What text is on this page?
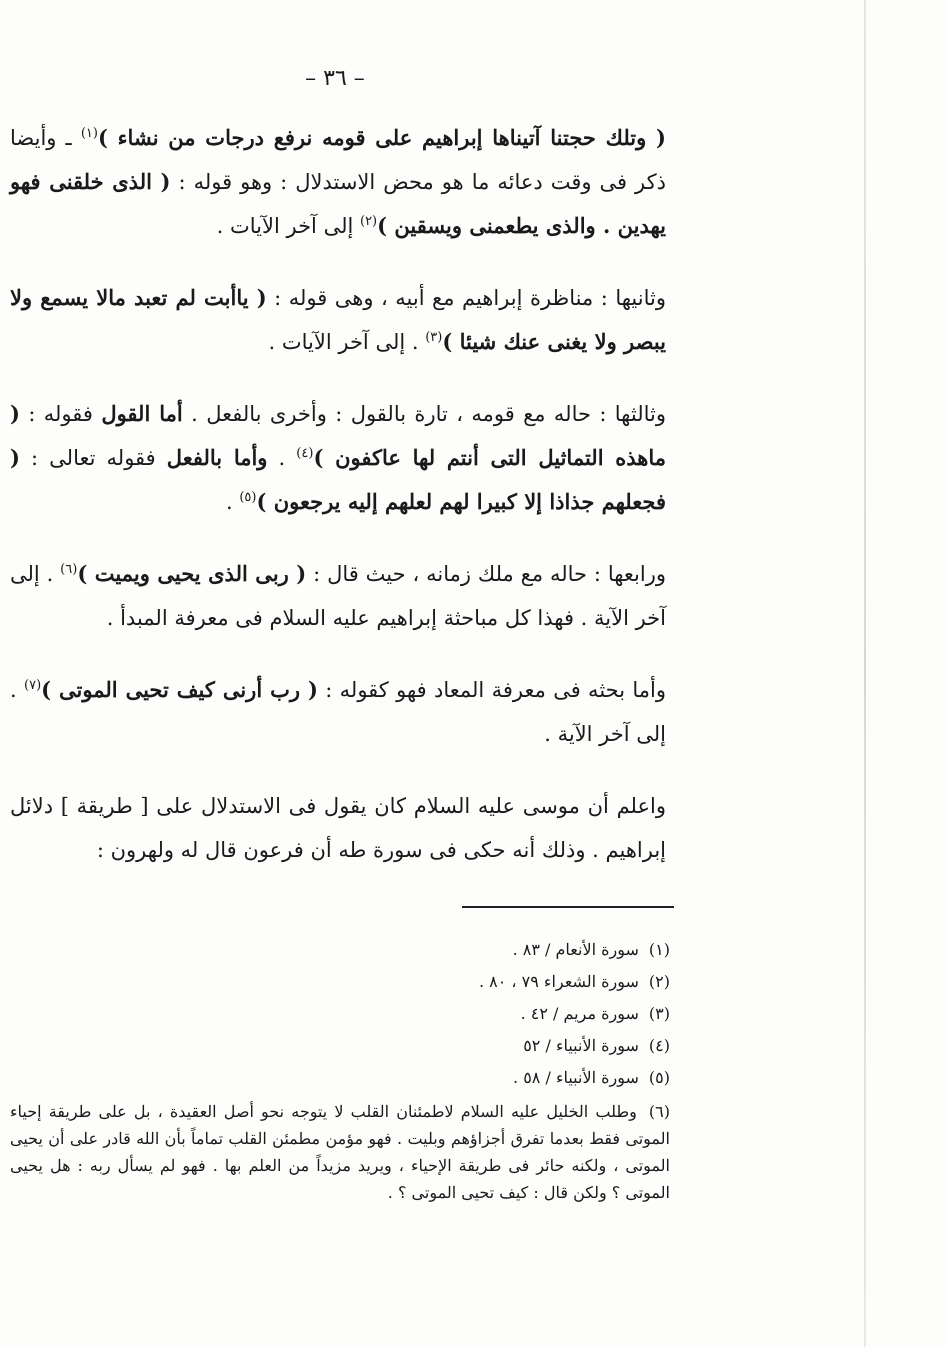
– ٣٦ –

( وتلك حجتنا آتيناها إبراهيم على قومه نرفع درجات من نشاء )$^{(١)}$ ـ وأيضا ذكر فى وقت دعائه ما هو محض الاستدلال : وهو قوله : ( الذى خلقنى فهو يهدين . والذى يطعمنى ويسقين )$^{(٢)}$ إلى آخر الآيات .

وثانيها : مناظرة إبراهيم مع أبيه ، وهى قوله : ( ياأبت لم تعبد مالا يسمع ولا يبصر ولا يغنى عنك شيئا )$^{(٣)}$ . إلى آخر الآيات .

وثالثها : حاله مع قومه ، تارة بالقول : وأخرى بالفعل . أما القول فقوله : ( ماهذه التماثيل التى أنتم لها عاكفون )$^{(٤)}$ . وأما بالفعل فقوله تعالى : ( فجعلهم جذاذا إلا كبيرا لهم لعلهم إليه يرجعون )$^{(٥)}$ .

ورابعها : حاله مع ملك زمانه ، حيث قال : ( ربى الذى يحيى ويميت )$^{(٦)}$ . إلى آخر الآية . فهذا كل مباحثة إبراهيم عليه السلام فى معرفة المبدأ .

وأما بحثه فى معرفة المعاد فهو كقوله : ( رب أرنى كيف تحيى الموتى )$^{(٧)}$ . إلى آخر الآية .

واعلم أن موسى عليه السلام كان يقول فى الاستدلال على [ طريقة ] دلائل إبراهيم . وذلك أنه حكى فى سورة طه أن فرعون قال له ولهرون :

(١) سورة الأنعام / ٨٣ .

(٢) سورة الشعراء ٧٩ ، ٨٠ .

(٣) سورة مريم / ٤٢ .

(٤) سورة الأنبياء / ٥٢

(٥) سورة الأنبياء / ٥٨ .

(٦) وطلب الخليل عليه السلام لاطمئنان القلب لا يتوجه نحو أصل العقيدة ، بل على طريقة إحياء الموتى فقط بعدما تفرق أجزاؤهم وبليت . فهو مؤمن مطمئن القلب تماماً بأن الله قادر على أن يحيى الموتى ، ولكنه حائر فى طريقة الإحياء ، ويريد مزيداً من العلم بها . فهو لم يسأل ربه : هل يحيى الموتى ؟ ولكن قال : كيف تحيى الموتى ؟ .
